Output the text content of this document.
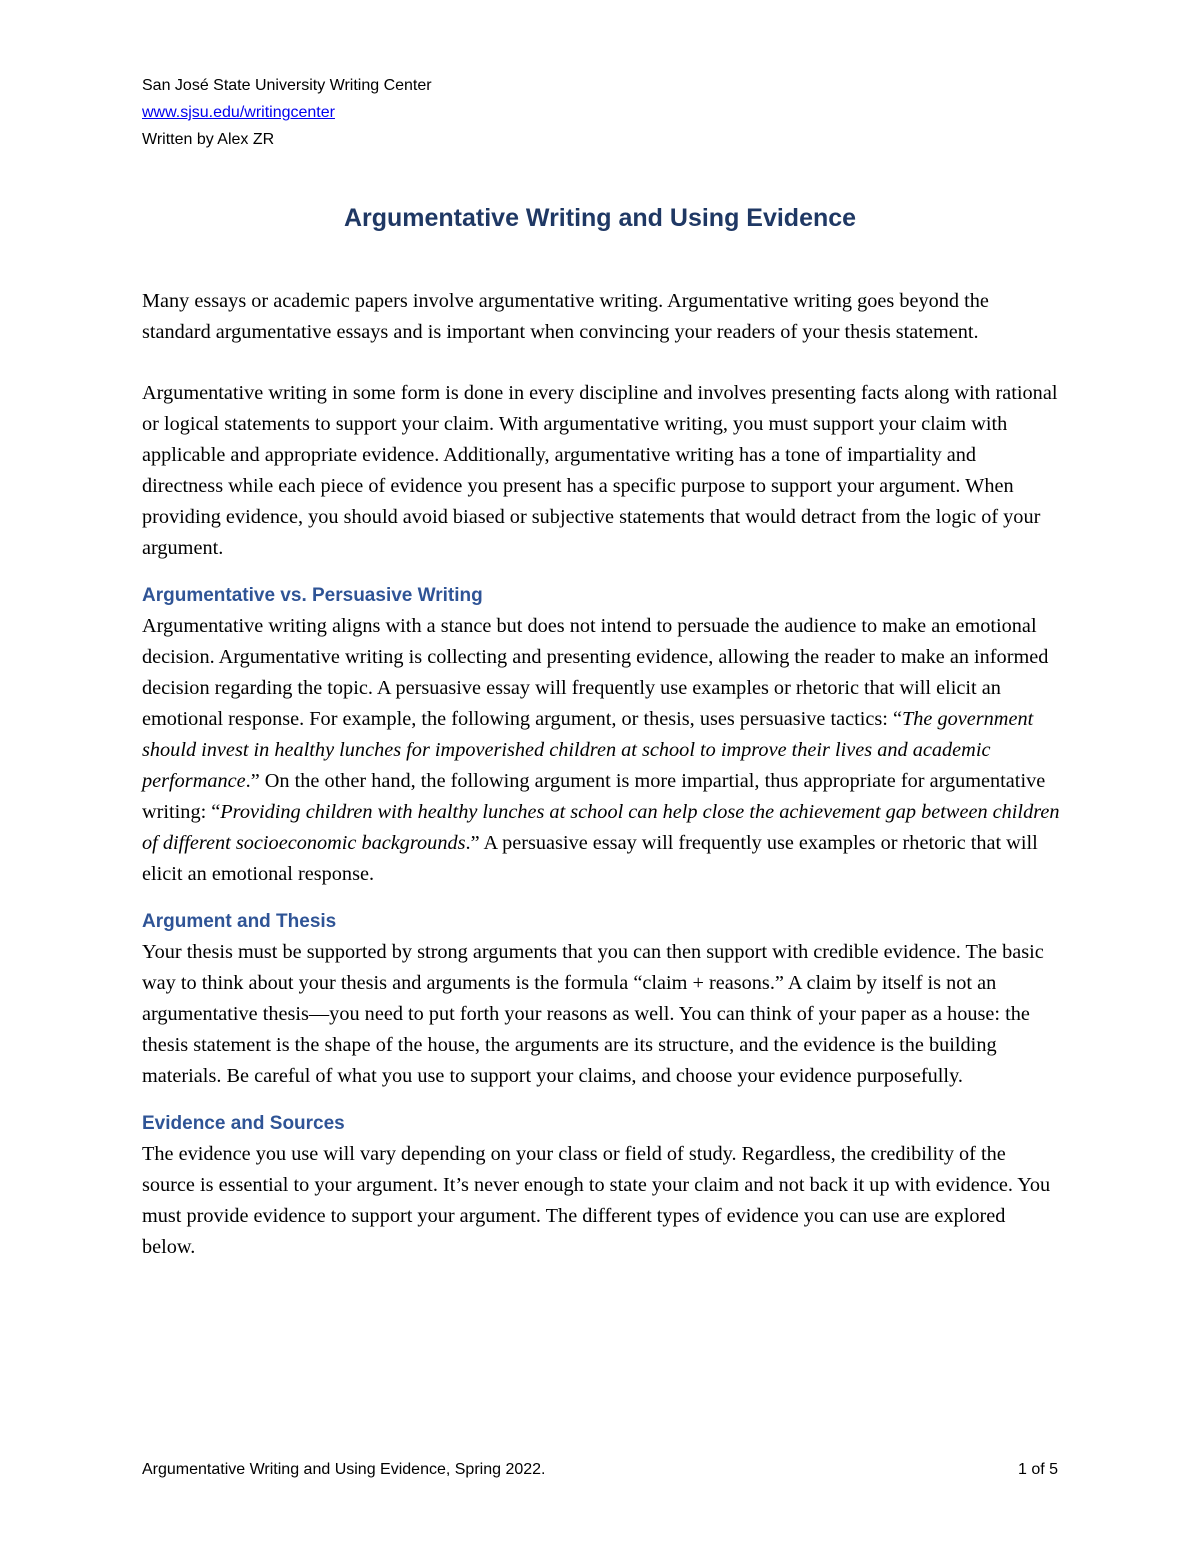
San José State University Writing Center
www.sjsu.edu/writingcenter
Written by Alex ZR
Argumentative Writing and Using Evidence

Many essays or academic papers involve argumentative writing. Argumentative writing goes beyond the standard argumentative essays and is important when convincing your readers of your thesis statement.

Argumentative writing in some form is done in every discipline and involves presenting facts along with rational or logical statements to support your claim. With argumentative writing, you must support your claim with applicable and appropriate evidence. Additionally, argumentative writing has a tone of impartiality and directness while each piece of evidence you present has a specific purpose to support your argument. When providing evidence, you should avoid biased or subjective statements that would detract from the logic of your argument.

Argumentative vs. Persuasive Writing

Argumentative writing aligns with a stance but does not intend to persuade the audience to make an emotional decision. Argumentative writing is collecting and presenting evidence, allowing the reader to make an informed decision regarding the topic. A persuasive essay will frequently use examples or rhetoric that will elicit an emotional response. For example, the following argument, or thesis, uses persuasive tactics: “The government should invest in healthy lunches for impoverished children at school to improve their lives and academic performance.” On the other hand, the following argument is more impartial, thus appropriate for argumentative writing: “Providing children with healthy lunches at school can help close the achievement gap between children of different socioeconomic backgrounds.” A persuasive essay will frequently use examples or rhetoric that will elicit an emotional response.

Argument and Thesis

Your thesis must be supported by strong arguments that you can then support with credible evidence. The basic way to think about your thesis and arguments is the formula “claim + reasons.” A claim by itself is not an argumentative thesis—you need to put forth your reasons as well. You can think of your paper as a house: the thesis statement is the shape of the house, the arguments are its structure, and the evidence is the building materials. Be careful of what you use to support your claims, and choose your evidence purposefully.

Evidence and Sources

The evidence you use will vary depending on your class or field of study. Regardless, the credibility of the source is essential to your argument. It’s never enough to state your claim and not back it up with evidence. You must provide evidence to support your argument. The different types of evidence you can use are explored below.

Argumentative Writing and Using Evidence, Spring 2022.	1 of 5
